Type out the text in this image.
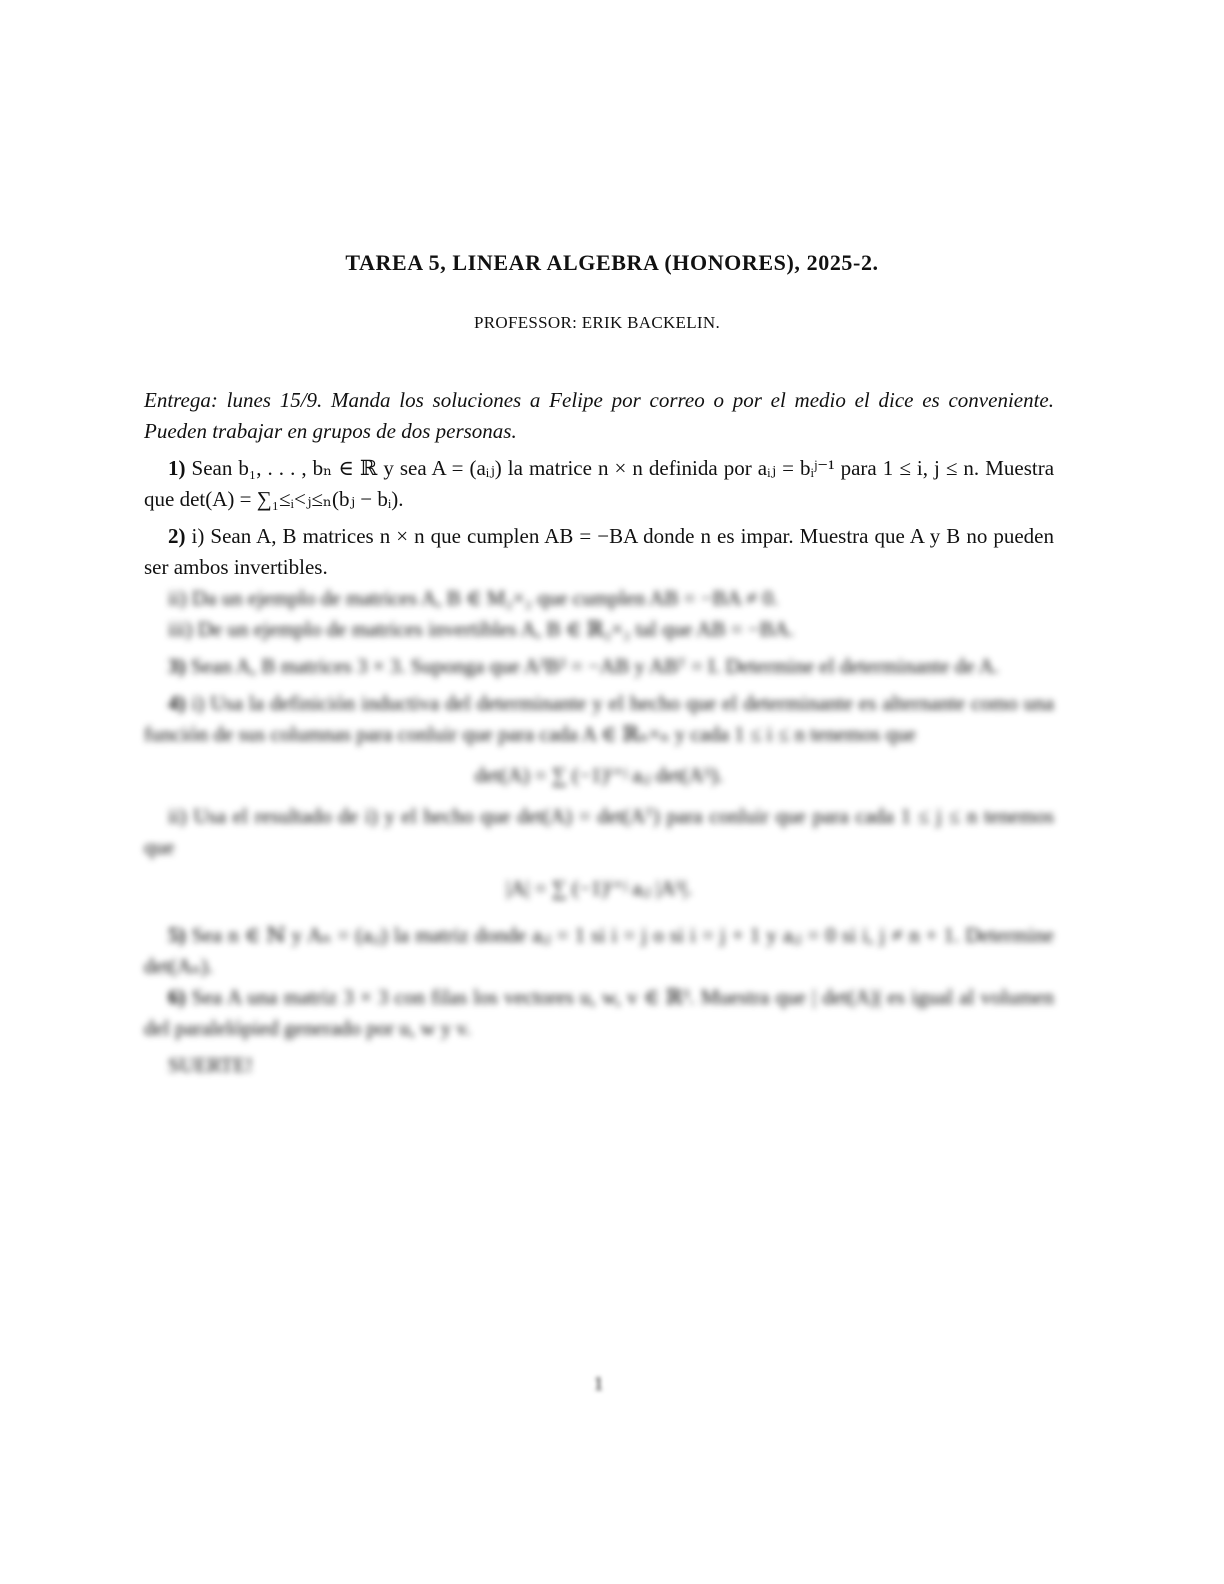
TAREA 5, LINEAR ALGEBRA (HONORES), 2025-2.
PROFESSOR: ERIK BACKELIN.

Entrega: lunes 15/9. Manda los soluciones a Felipe por correo o por el medio el dice es conveniente. Pueden trabajar en grupos de dos personas.

1) Sean b₁, . . . , bₙ ∈ ℝ y sea A = (aᵢⱼ) la matrice n × n definida por aᵢⱼ = bᵢʲ⁻¹ para 1 ≤ i, j ≤ n. Muestra que det(A) = ∑₁≤ᵢ<ⱼ≤ₙ(bⱼ − bᵢ).

2) i) Sean A, B matrices n × n que cumplen AB = −BA donde n es impar. Muestra que A y B no pueden ser ambos invertibles.

ii) Da un ejemplo de matrices A, B ∈ M₂×₂ que cumplen AB = −BA ≠ 0.

iii) De un ejemplo de matrices invertibles A, B ∈ ℝ₂×₂ tal que AB = −BA.

3) Sean A, B matrices 3 × 3. Suponga que A²B² = −AB y ABᵀ = I. Determine el determinante de A.

4) i) Usa la definición inductiva del determinante y el hecho que el determinante es alternante como una función de sus columnas para conluir que para cada A ∈ ℝₙ×ₙ y cada 1 ≤ i ≤ n tenemos que

det(A) = ∑ (−1)ⁱ⁺ʲ aᵢⱼ det(Aⁱʲ).

ii) Usa el resultado de i) y el hecho que det(A) = det(Aᵀ) para conluir que para cada 1 ≤ j ≤ n tenemos que

|A| = ∑ (−1)ⁱ⁺ʲ aᵢⱼ |Aⁱʲ|.

5) Sea n ∈ ℕ y Aₙ = (aᵢⱼ) la matriz donde aᵢⱼ = 1 si i = j o si i = j + 1 y aᵢⱼ = 0 si i, j ≠ n + 1. Determine det(Aₙ).

6) Sea A una matriz 3 × 3 con filas los vectores u, w, v ∈ ℝ³. Muestra que | det(A)| es igual al volumen del paralelópied generado por u, w y v.

SUERTE!

1
